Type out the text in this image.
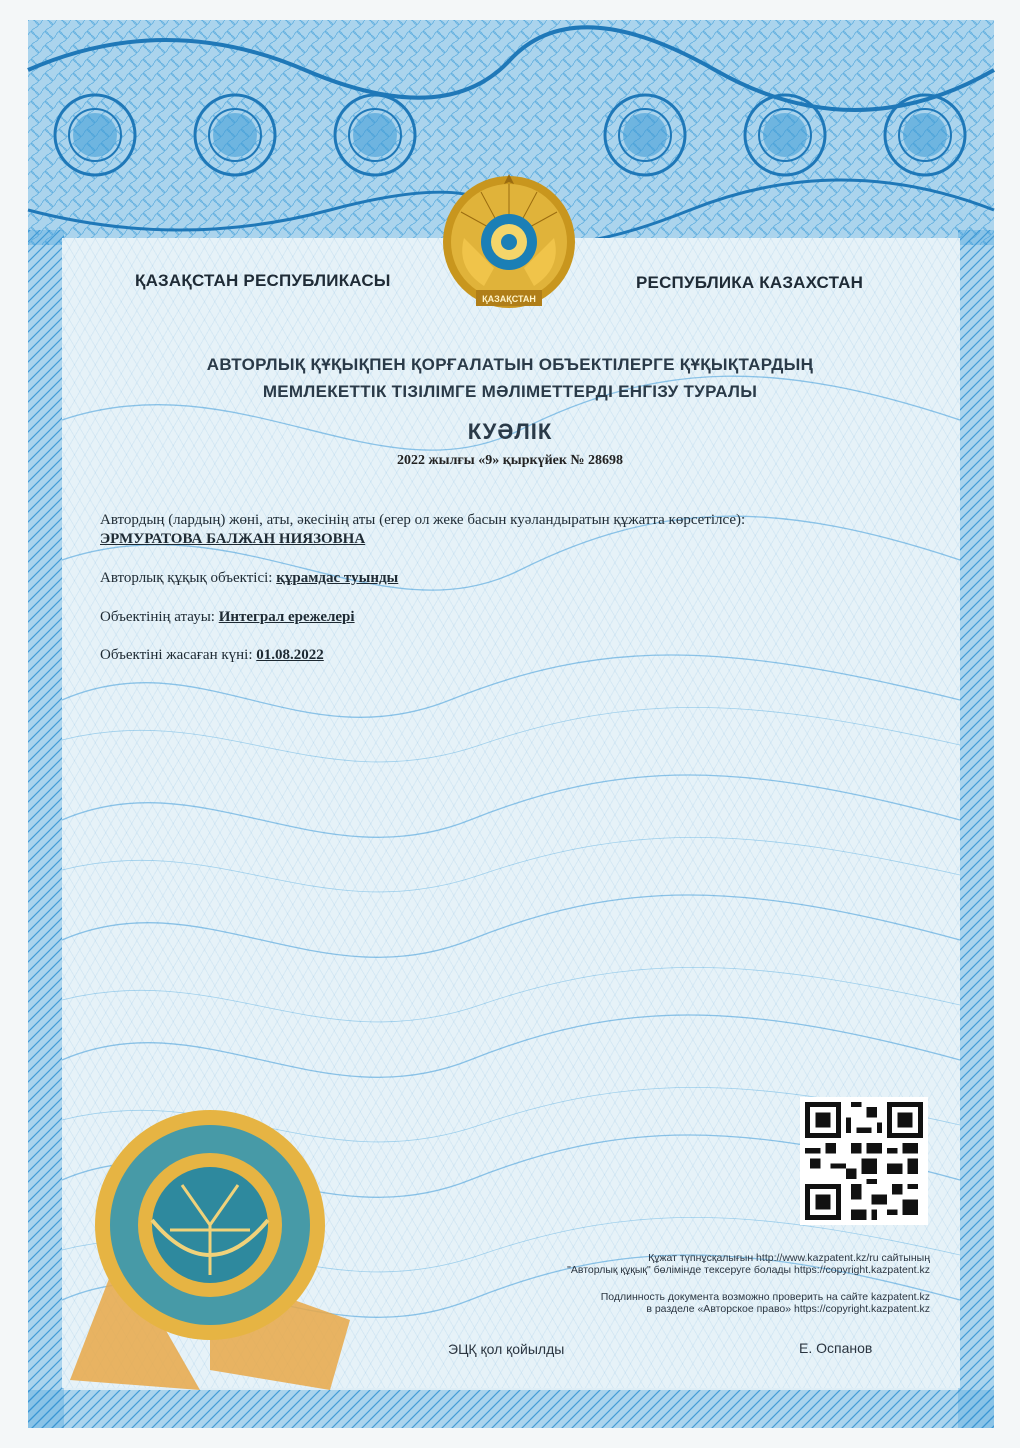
ҚАЗАҚСТАН
ҚАЗАҚСТАН РЕСПУБЛИКАСЫ	РЕСПУБЛИКА КАЗАХСТАН
АВТОРЛЫҚ ҚҰҚЫҚПЕН ҚОРҒАЛАТЫН ОБЪЕКТІЛЕРГЕ ҚҰҚЫҚТАРДЫҢ
МЕМЛЕКЕТТІК ТІЗІЛІМГЕ МӘЛІМЕТТЕРДІ ЕНГІЗУ ТУРАЛЫ
КУӘЛІК
2022 жылғы «9» қыркүйек № 28698
Автордың (лардың) жөні, аты, әкесінің аты (егер ол жеке басын куәландыратын құжатта көрсетілсе):
ЭРМУРАТОВА БАЛЖАН НИЯЗОВНА
Авторлық құқық объектісі: құрамдас туынды
Объектінің атауы: Интеграл ережелері
Объектіні жасаған күні: 01.08.2022
Құжат түпнұсқалығын http://www.kazpatent.kz/ru сайтының
"Авторлық құқық" бөлімінде тексеруге болады https://copyright.kazpatent.kz
Подлинность документа возможно проверить на сайте kazpatent.kz
в разделе «Авторское право» https://copyright.kazpatent.kz
ЭЦҚ қол қойылды	Е. Оспанов
